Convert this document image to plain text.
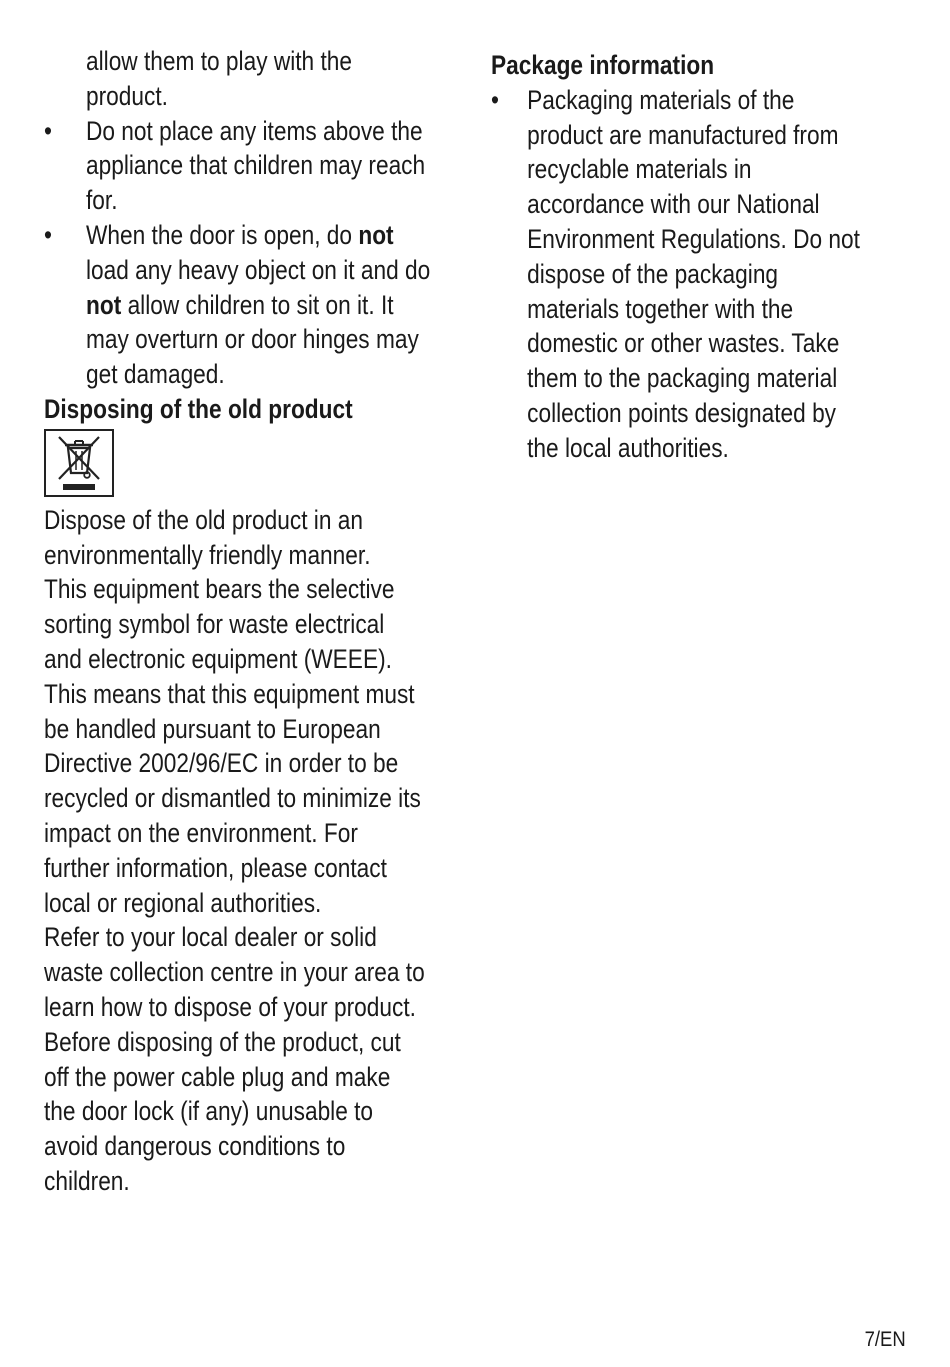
allow them to play with the
product.
•	Do not place any items above the
appliance that children may reach
for.
•	When the door is open, do not
load any heavy object on it and do
not allow children to sit on it. It
may overturn or door hinges may
get damaged.
Disposing of the old product
Dispose of the old product in an
environmentally friendly manner.
This equipment bears the selective
sorting symbol for waste electrical
and electronic equipment (WEEE).
This means that this equipment must
be handled pursuant to European
Directive 2002/96/EC in order to be
recycled or dismantled to minimize its
impact on the environment. For
further information, please contact
local or regional authorities.
Refer to your local dealer or solid
waste collection centre in your area to
learn how to dispose of your product.
Before disposing of the product, cut
off the power cable plug and make
the door lock (if any) unusable to
avoid dangerous conditions to
children.
Package information
•	Packaging materials of the
product are manufactured from
recyclable materials in
accordance with our National
Environment Regulations. Do not
dispose of the packaging
materials together with the
domestic or other wastes. Take
them to the packaging material
collection points designated by
the local authorities.
7/EN
